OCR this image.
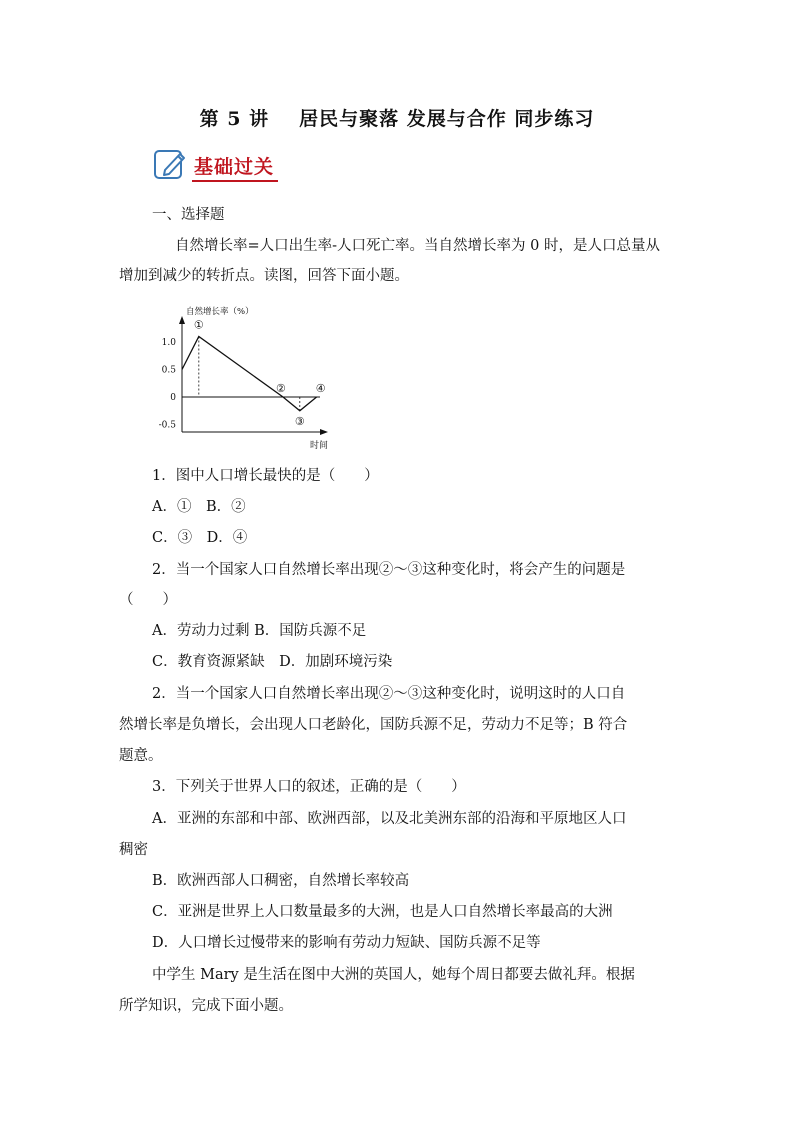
第 5 讲 居民与聚落 发展与合作 同步练习
基础过关
一、选择题
自然增长率=人口出生率-人口死亡率。当自然增长率为 0 时，是人口总量从
增加到减少的转折点。读图，回答下面小题。
自然增长率（%）
时间
1.0
0.5
0
-0.5
①
②
③
④
1．图中人口增长最快的是（　　）
A．①　B．②
C．③　D．④
2．当一个国家人口自然增长率出现②～③这种变化时，将会产生的问题是
（　　）
A．劳动力过剩 B．国防兵源不足
C．教育资源紧缺　D．加剧环境污染
2．当一个国家人口自然增长率出现②～③这种变化时，说明这时的人口自
然增长率是负增长，会出现人口老龄化，国防兵源不足，劳动力不足等；B 符合
题意。
3．下列关于世界人口的叙述，正确的是（　　）
A．亚洲的东部和中部、欧洲西部，以及北美洲东部的沿海和平原地区人口
稠密
B．欧洲西部人口稠密，自然增长率较高
C．亚洲是世界上人口数量最多的大洲，也是人口自然增长率最高的大洲
D．人口增长过慢带来的影响有劳动力短缺、国防兵源不足等
中学生 Mary 是生活在图中大洲的英国人，她每个周日都要去做礼拜。根据
所学知识，完成下面小题。
